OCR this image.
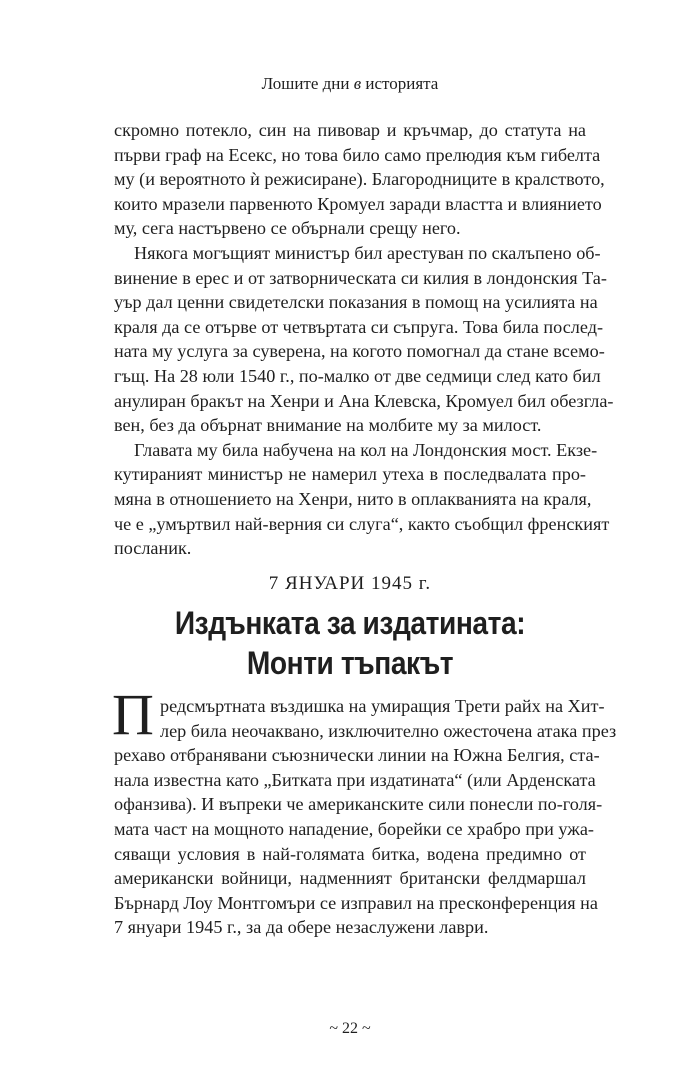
Лошите дни в историята
скромно потекло, син на пивовар и кръчмар, до статута на
първи граф на Есекс, но това било само прелюдия към гибелта
му (и вероятното ѝ режисиране). Благородниците в кралството,
които мразели парвенюто Кромуел заради властта и влиянието
му, сега настървено се обърнали срещу него.
Някога могъщият министър бил арестуван по скалъпено об-
винение в ерес и от затворническата си килия в лондонския Та-
уър дал ценни свидетелски показания в помощ на усилията на
краля да се отърве от четвъртата си съпруга. Това била послед-
ната му услуга за суверена, на когото помогнал да стане всемо-
гъщ. На 28 юли 1540 г., по-малко от две седмици след като бил
анулиран бракът на Хенри и Ана Клевска, Кромуел бил обезгла-
вен, без да обърнат внимание на молбите му за милост.
Главата му била набучена на кол на Лондонския мост. Екзе-
кутираният министър не намерил утеха в последвалата про-
мяна в отношението на Хенри, нито в оплакванията на краля,
че е „умъртвил най-верния си слуга“, както съобщил френският
посланик.
7 ЯНУАРИ 1945 г.
Издънката за издатината:
Монти тъпакът
П редсмъртната въздишка на умиращия Трети райх на Хит-
лер била неочаквано, изключително ожесточена атака през
рехаво отбранявани съюзнически линии на Южна Белгия, ста-
нала известна като „Битката при издатината“ (или Арденската
офанзива). И въпреки че американските сили понесли по-голя-
мата част на мощното нападение, борейки се храбро при ужа-
сяващи условия в най-голямата битка, водена предимно от
американски войници, надменният британски фелдмаршал
Бърнард Лоу Монтгомъри се изправил на пресконференция на
7 януари 1945 г., за да обере незаслужени лаври.
~ 22 ~
